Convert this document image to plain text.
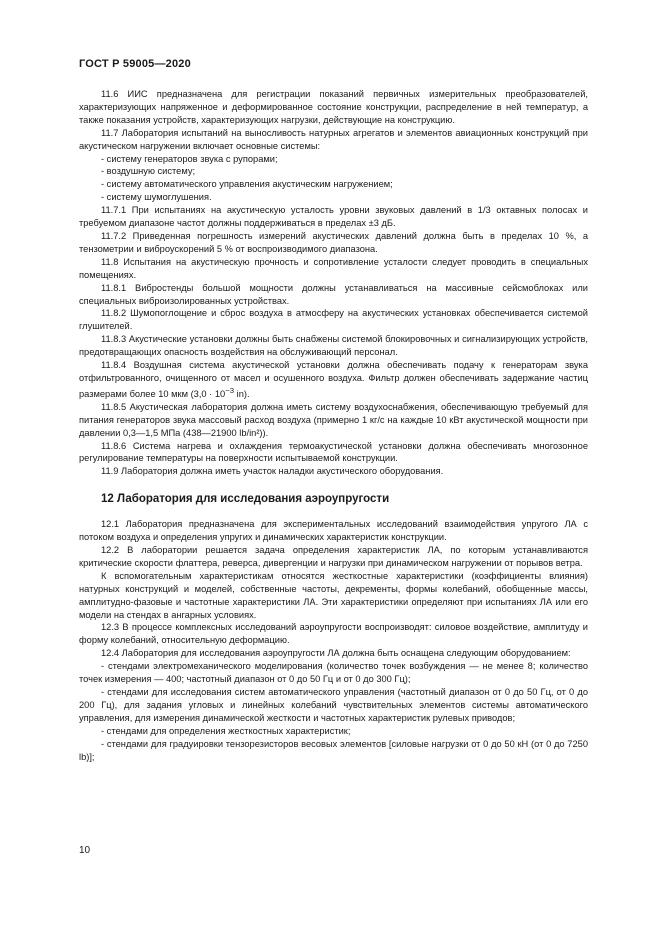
ГОСТ Р 59005—2020

11.6 ИИС предназначена для регистрации показаний первичных измерительных преобразователей, характеризующих напряженное и деформированное состояние конструкции, распределение в ней температур, а также показания устройств, характеризующих нагрузки, действующие на конструкцию.

11.7 Лаборатория испытаний на выносливость натурных агрегатов и элементов авиационных конструкций при акустическом нагружении включает основные системы:

- систему генераторов звука с рупорами;

- воздушную систему;

- систему автоматического управления акустическим нагружением;

- систему шумоглушения.

11.7.1 При испытаниях на акустическую усталость уровни звуковых давлений в 1/3 октавных полосах и требуемом диапазоне частот должны поддерживаться в пределах ±3 дБ.

11.7.2 Приведенная погрешность измерений акустических давлений должна быть в пределах 10 %, а тензометрии и виброускорений 5 % от воспроизводимого диапазона.

11.8 Испытания на акустическую прочность и сопротивление усталости следует проводить в специальных помещениях.

11.8.1 Вибростенды большой мощности должны устанавливаться на массивные сейсмоблоках или специальных виброизолированных устройствах.

11.8.2 Шумопоглощение и сброс воздуха в атмосферу на акустических установках обеспечивается системой глушителей.

11.8.3 Акустические установки должны быть снабжены системой блокировочных и сигнализирующих устройств, предотвращающих опасность воздействия на обслуживающий персонал.

11.8.4 Воздушная система акустической установки должна обеспечивать подачу к генераторам звука отфильтрованного, очищенного от масел и осушенного воздуха. Фильтр должен обеспечивать задержание частиц размерами более 10 мкм ($3,0 \cdot 10^{-3}$ in).

11.8.5 Акустическая лаборатория должна иметь систему воздухоснабжения, обеспечивающую требуемый для питания генераторов звука массовый расход воздуха (примерно 1 кг/с на каждые 10 кВт акустической мощности при давлении 0,3—1,5 МПа (438—21900 lb/in²)).

11.8.6 Система нагрева и охлаждения термоакустической установки должна обеспечивать многозонное регулирование температуры на поверхности испытываемой конструкции.

11.9 Лаборатория должна иметь участок наладки акустического оборудования.

12 Лаборатория для исследования аэроупругости

12.1 Лаборатория предназначена для экспериментальных исследований взаимодействия упругого ЛА с потоком воздуха и определения упругих и динамических характеристик конструкции.

12.2 В лаборатории решается задача определения характеристик ЛА, по которым устанавливаются критические скорости флаттера, реверса, дивергенции и нагрузки при динамическом нагружении от порывов ветра.

К вспомогательным характеристикам относятся жесткостные характеристики (коэффициенты влияния) натурных конструкций и моделей, собственные частоты, декременты, формы колебаний, обобщенные массы, амплитудно-фазовые и частотные характеристики ЛА. Эти характеристики определяют при испытаниях ЛА или его модели на стендах в ангарных условиях.

12.3 В процессе комплексных исследований аэроупругости воспроизводят: силовое воздействие, амплитуду и форму колебаний, относительную деформацию.

12.4 Лаборатория для исследования аэроупругости ЛА должна быть оснащена следующим оборудованием:

- стендами электромеханического моделирования (количество точек возбуждения — не менее 8; количество точек измерения — 400; частотный диапазон от 0 до 50 Гц и от 0 до 300 Гц);

- стендами для исследования систем автоматического управления (частотный диапазон от 0 до 50 Гц, от 0 до 200 Гц), для задания угловых и линейных колебаний чувствительных элементов системы автоматического управления, для измерения динамической жесткости и частотных характеристик рулевых приводов;

- стендами для определения жесткостных характеристик;

- стендами для градуировки тензорезисторов весовых элементов [силовые нагрузки от 0 до 50 кН (от 0 до 7250 lb)];

10
